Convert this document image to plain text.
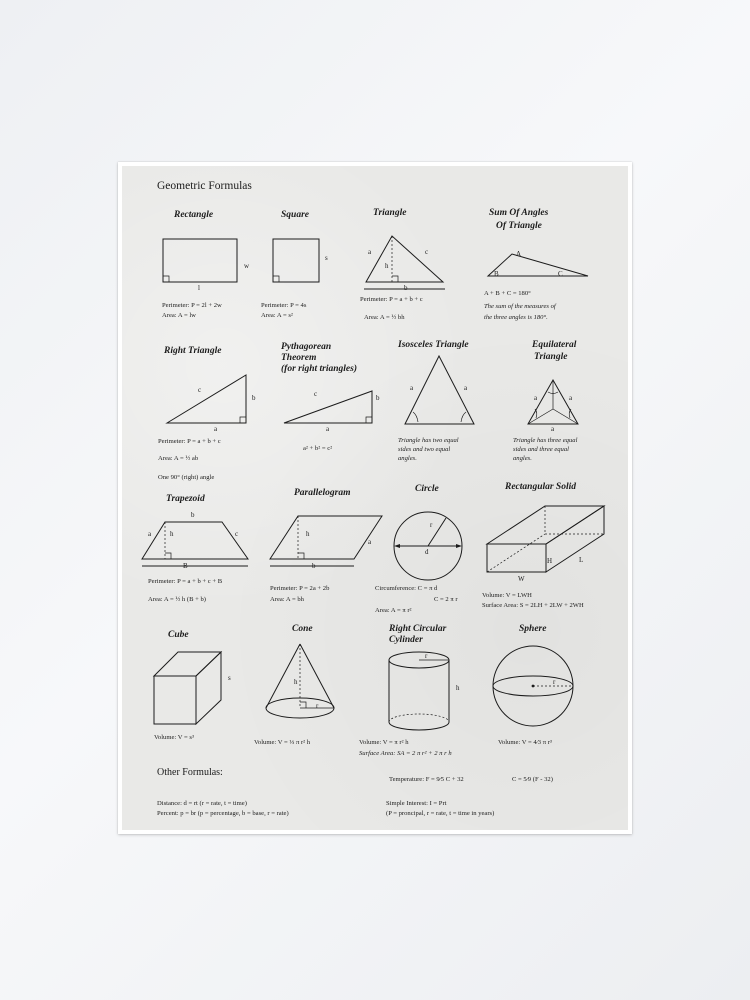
Geometric Formulas
Rectangle
l
w
Perimeter: P = 2l + 2w
Area: A = lw
Square
s
Perimeter: P = 4s
Area: A = s²
Triangle
a	c
h
b
Perimeter: P = a + b + c
Area: A = ½ bh
Sum Of Angles
Of Triangle
A
B	C
A + B + C = 180°
The sum of the measures of
the three angles is 180°.
Right Triangle
c
b
a
Perimeter: P = a + b + c
Area: A = ½ ab
One 90° (right) angle
Pythagorean
Theorem
(for right triangles)
c	b
a
a² + b² = c²
Isosceles Triangle
a	a
Triangle has two equal
sides and two equal
angles.
Equilateral
Triangle
a	a
a
Triangle has three equal
sides and three equal
angles.
Trapezoid
b
a	h	c
B
Perimeter: P = a + b + c + B
Area: A = ½ h (B + b)
Parallelogram
h
a
b
Perimeter: P = 2a + 2b
Area: A = bh
Circle
r
d
Circumference: C = π d
C = 2 π r
Area: A = π r²
Rectangular Solid
H	L
W
Volume: V = LWH
Surface Area: S = 2LH + 2LW + 2WH
Cube
s
Volume: V = s³
Cone
h
r
Volume: V = ⅓ π r² h
Right Circular
Cylinder
r
h
Volume: V = π r² h
Surface Area: SA = 2 π r² + 2 π r h
Sphere
r
Volume: V = 4⁄3 π r³
Other Formulas:
Temperature: F = 9⁄5 C + 32	C = 5⁄9 (F - 32)
Distance: d = rt (r = rate, t = time)
Percent: p = br (p = percentage, b = base, r = rate)
Simple Interest: I = Prt
(P = proncipal, r = rate, t = time in years)
